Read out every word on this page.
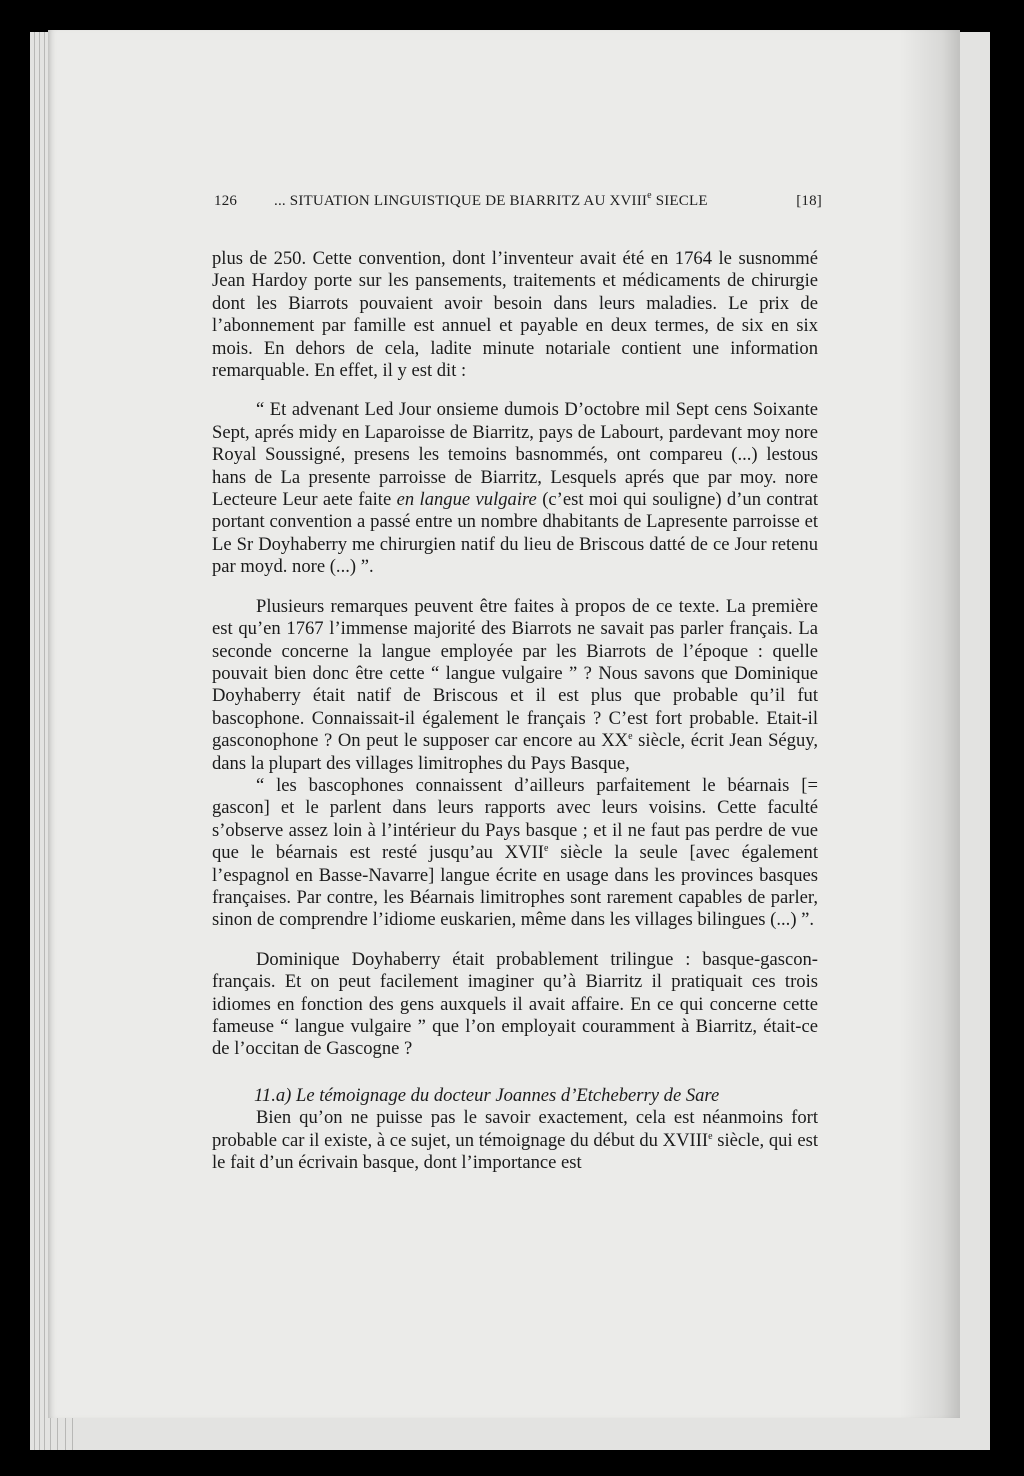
126 ... SITUATION LINGUISTIQUE DE BIARRITZ AU XVIIIe SIECLE	[18]

plus de 250. Cette convention, dont l’inventeur avait été en 1764 le susnommé Jean Hardoy porte sur les pansements, traitements et médicaments de chirurgie dont les Biarrots pouvaient avoir besoin dans leurs maladies. Le prix de l’abonnement par famille est annuel et payable en deux termes, de six en six mois. En dehors de cela, ladite minute notariale contient une information remarquable. En effet, il y est dit :

“ Et advenant Led Jour onsieme dumois D’octobre mil Sept cens Soixante Sept, aprés midy en Laparoisse de Biarritz, pays de Labourt, pardevant moy nore Royal Soussigné, presens les temoins basnommés, ont compareu (...) lestous hans de La presente parroisse de Biarritz, Lesquels aprés que par moy. nore Lecteure Leur aete faite en langue vulgaire (c’est moi qui souligne) d’un contrat portant convention a passé entre un nombre dhabitants de Lapresente parroisse et Le Sr Doyhaberry me chirurgien natif du lieu de Briscous datté de ce Jour retenu par moyd. nore (...) ”.

Plusieurs remarques peuvent être faites à propos de ce texte. La première est qu’en 1767 l’immense majorité des Biarrots ne savait pas parler français. La seconde concerne la langue employée par les Biarrots de l’époque : quelle pouvait bien donc être cette “ langue vulgaire ” ? Nous savons que Dominique Doyhaberry était natif de Briscous et il est plus que probable qu’il fut bascophone. Connaissait-il également le français ? C’est fort probable. Etait-il gasconophone ? On peut le supposer car encore au XXe siècle, écrit Jean Séguy, dans la plupart des villages limitrophes du Pays Basque,

“ les bascophones connaissent d’ailleurs parfaitement le béarnais [= gascon] et le parlent dans leurs rapports avec leurs voisins. Cette faculté s’observe assez loin à l’intérieur du Pays basque ; et il ne faut pas perdre de vue que le béarnais est resté jusqu’au XVIIe siècle la seule [avec également l’espagnol en Basse-Navarre] langue écrite en usage dans les provinces basques françaises. Par contre, les Béarnais limitrophes sont rarement capables de parler, sinon de comprendre l’idiome euskarien, même dans les villages bilingues (...) ”.

Dominique Doyhaberry était probablement trilingue : basque-gascon-français. Et on peut facilement imaginer qu’à Biarritz il pratiquait ces trois idiomes en fonction des gens auxquels il avait affaire. En ce qui concerne cette fameuse “ langue vulgaire ” que l’on employait couramment à Biarritz, était-ce de l’occitan de Gascogne ?

11.a) Le témoignage du docteur Joannes d’Etcheberry de Sare

Bien qu’on ne puisse pas le savoir exactement, cela est néanmoins fort probable car il existe, à ce sujet, un témoignage du début du XVIIIe siècle, qui est le fait d’un écrivain basque, dont l’importance est
